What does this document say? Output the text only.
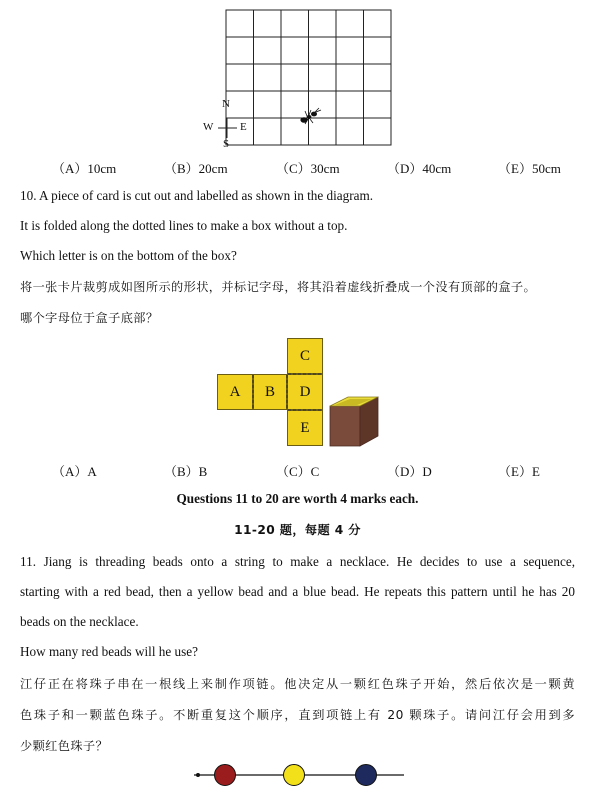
N
S
W E
（A）10cm	（B）20cm	（C）30cm	（D）40cm	（E）50cm
10. A piece of card is cut out and labelled as shown in the diagram.
It is folded along the dotted lines to make a box without a top.
Which letter is on the bottom of the box?
将一张卡片裁剪成如图所示的形状，并标记字母，将其沿着虚线折叠成一个没有顶部的盒子。
哪个字母位于盒子底部？
C
A	B	D
E
（A）A	（B）B	（C）C	（D）D	（E）E
Questions 11 to 20 are worth 4 marks each.
11-20 题，每题 4 分
11. Jiang is threading beads onto a string to make a necklace. He decides to use a sequence,
starting with a red bead, then a yellow bead and a blue bead. He repeats this pattern until he has 20
beads on the necklace.
How many red beads will he use?
江仔正在将珠子串在一根线上来制作项链。他决定从一颗红色珠子开始，然后依次是一颗黄
色珠子和一颗蓝色珠子。不断重复这个顺序，直到项链上有 20 颗珠子。请问江仔会用到多
少颗红色珠子？
